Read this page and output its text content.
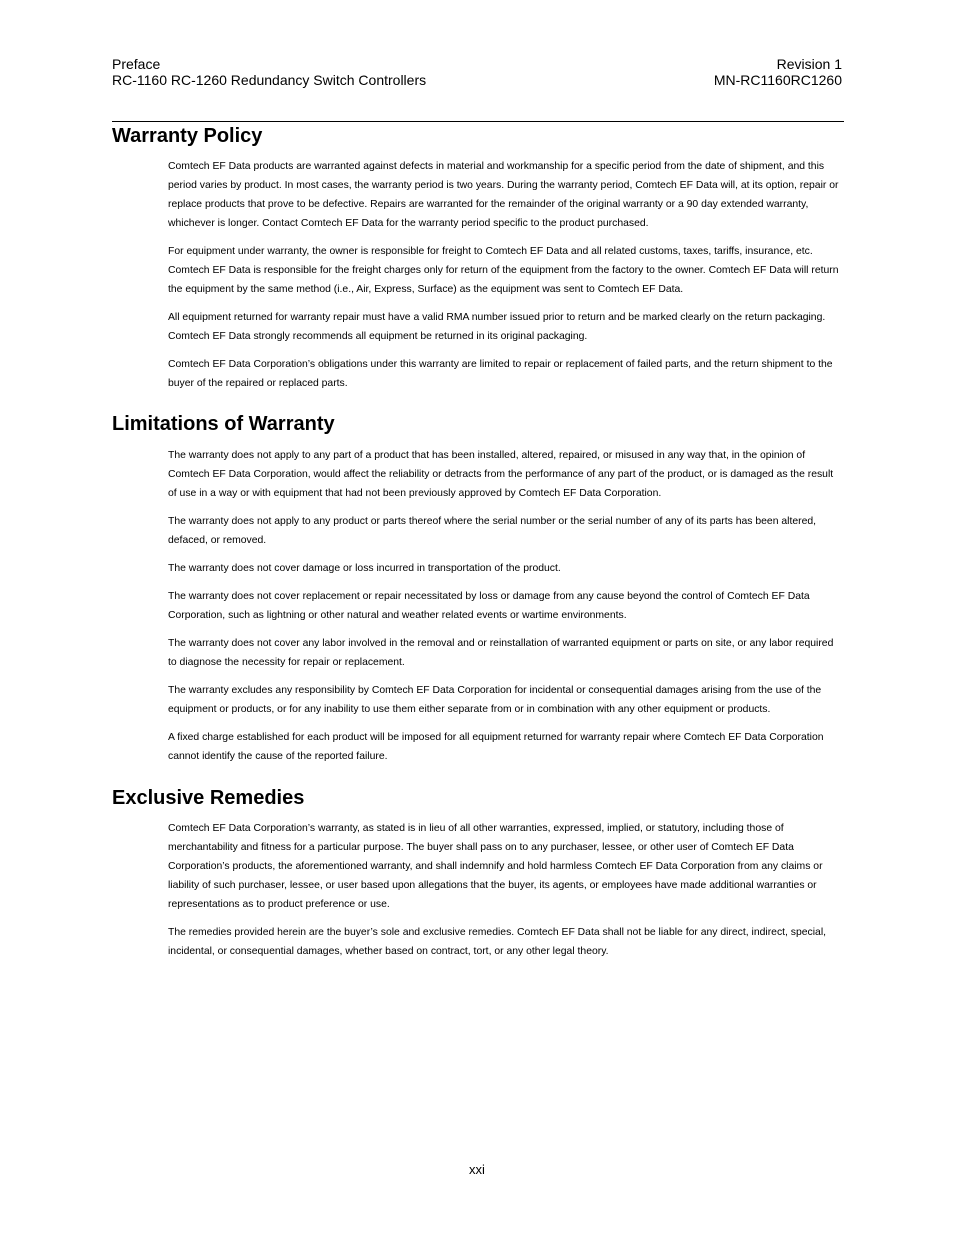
Preface
RC-1160 RC-1260 Redundancy Switch Controllers
Revision 1
MN-RC1160RC1260
Warranty Policy

Comtech EF Data products are warranted against defects in material and workmanship for a specific period from the date of shipment, and this period varies by product. In most cases, the warranty period is two years. During the warranty period, Comtech EF Data will, at its option, repair or replace products that prove to be defective. Repairs are warranted for the remainder of the original warranty or a 90 day extended warranty, whichever is longer. Contact Comtech EF Data for the warranty period specific to the product purchased.

For equipment under warranty, the owner is responsible for freight to Comtech EF Data and all related customs, taxes, tariffs, insurance, etc. Comtech EF Data is responsible for the freight charges only for return of the equipment from the factory to the owner. Comtech EF Data will return the equipment by the same method (i.e., Air, Express, Surface) as the equipment was sent to Comtech EF Data.

All equipment returned for warranty repair must have a valid RMA number issued prior to return and be marked clearly on the return packaging. Comtech EF Data strongly recommends all equipment be returned in its original packaging.

Comtech EF Data Corporation’s obligations under this warranty are limited to repair or replacement of failed parts, and the return shipment to the buyer of the repaired or replaced parts.

Limitations of Warranty

The warranty does not apply to any part of a product that has been installed, altered, repaired, or misused in any way that, in the opinion of Comtech EF Data Corporation, would affect the reliability or detracts from the performance of any part of the product, or is damaged as the result of use in a way or with equipment that had not been previously approved by Comtech EF Data Corporation.

The warranty does not apply to any product or parts thereof where the serial number or the serial number of any of its parts has been altered, defaced, or removed.

The warranty does not cover damage or loss incurred in transportation of the product.

The warranty does not cover replacement or repair necessitated by loss or damage from any cause beyond the control of Comtech EF Data Corporation, such as lightning or other natural and weather related events or wartime environments.

The warranty does not cover any labor involved in the removal and or reinstallation of warranted equipment or parts on site, or any labor required to diagnose the necessity for repair or replacement.

The warranty excludes any responsibility by Comtech EF Data Corporation for incidental or consequential damages arising from the use of the equipment or products, or for any inability to use them either separate from or in combination with any other equipment or products.

A fixed charge established for each product will be imposed for all equipment returned for warranty repair where Comtech EF Data Corporation cannot identify the cause of the reported failure.

Exclusive Remedies

Comtech EF Data Corporation’s warranty, as stated is in lieu of all other warranties, expressed, implied, or statutory, including those of merchantability and fitness for a particular purpose. The buyer shall pass on to any purchaser, lessee, or other user of Comtech EF Data Corporation’s products, the aforementioned warranty, and shall indemnify and hold harmless Comtech EF Data Corporation from any claims or liability of such purchaser, lessee, or user based upon allegations that the buyer, its agents, or employees have made additional warranties or representations as to product preference or use.

The remedies provided herein are the buyer’s sole and exclusive remedies. Comtech EF Data shall not be liable for any direct, indirect, special, incidental, or consequential damages, whether based on contract, tort, or any other legal theory.

xxi
